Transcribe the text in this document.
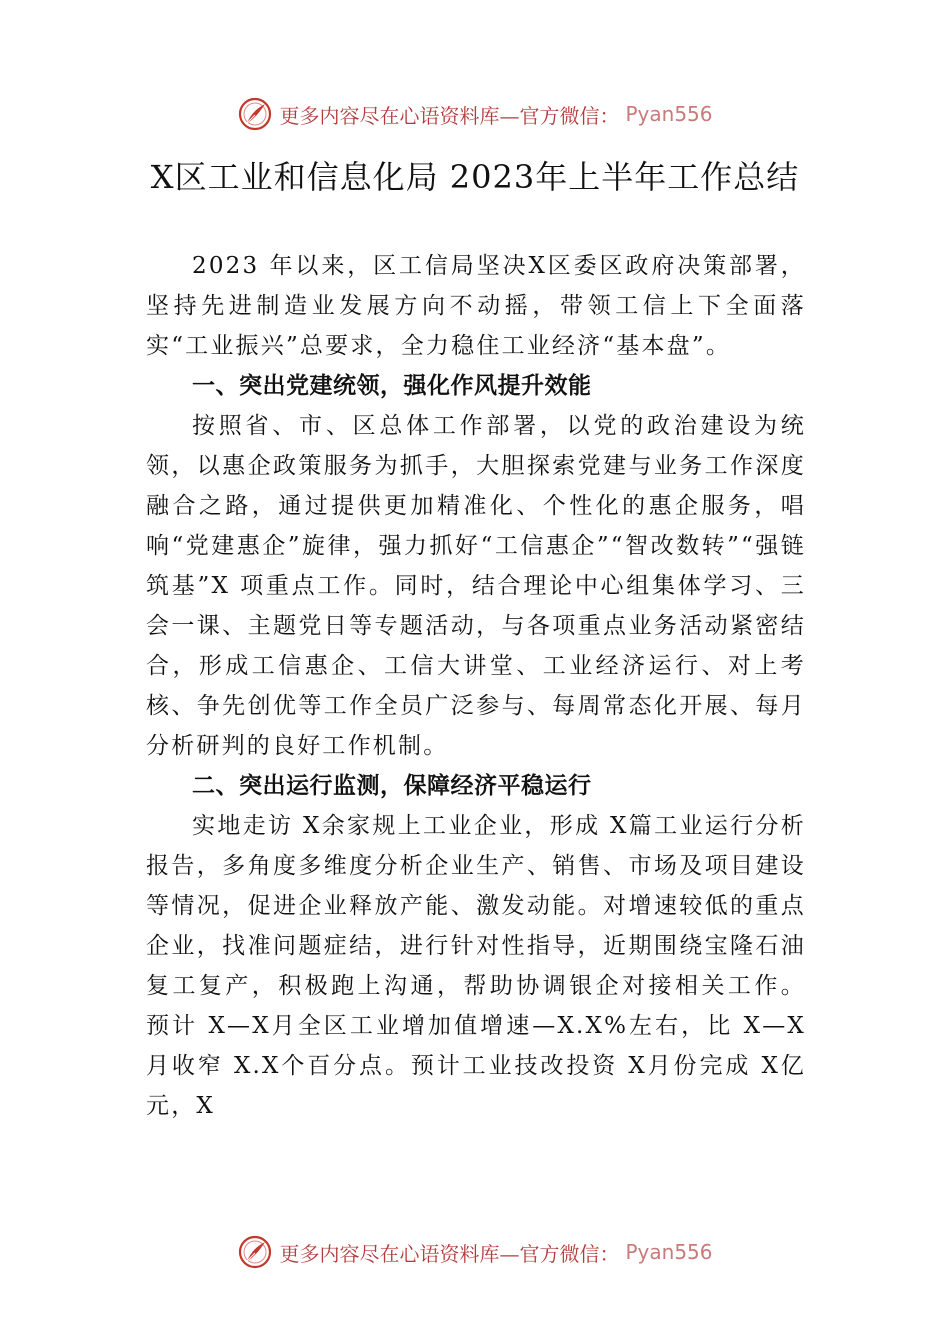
更多内容尽在心语资料库—官方微信： Pyan556
X区工业和信息化局 2023年上半年工作总结

2023 年以来，区工信局坚决X区委区政府决策部署，坚持先进制造业发展方向不动摇，带领工信上下全面落实“工业振兴”总要求，全力稳住工业经济“基本盘”。

一、突出党建统领，强化作风提升效能

按照省、市、区总体工作部署，以党的政治建设为统领，以惠企政策服务为抓手，大胆探索党建与业务工作深度融合之路，通过提供更加精准化、个性化的惠企服务，唱响“党建惠企”旋律，强力抓好“工信惠企”“智改数转”“强链筑基”X 项重点工作。同时，结合理论中心组集体学习、三会一课、主题党日等专题活动，与各项重点业务活动紧密结合，形成工信惠企、工信大讲堂、工业经济运行、对上考核、争先创优等工作全员广泛参与、每周常态化开展、每月分析研判的良好工作机制。

二、突出运行监测，保障经济平稳运行

实地走访 X余家规上工业企业，形成 X篇工业运行分析报告，多角度多维度分析企业生产、销售、市场及项目建设等情况，促进企业释放产能、激发动能。对增速较低的重点企业，找准问题症结，进行针对性指导，近期围绕宝隆石油复工复产，积极跑上沟通，帮助协调银企对接相关工作。 预计 X—X月全区工业增加值增速—X.X%左右，比 X—X月收窄 X.X个百分点。预计工业技改投资 X月份完成 X亿元，X

更多内容尽在心语资料库—官方微信： Pyan556
